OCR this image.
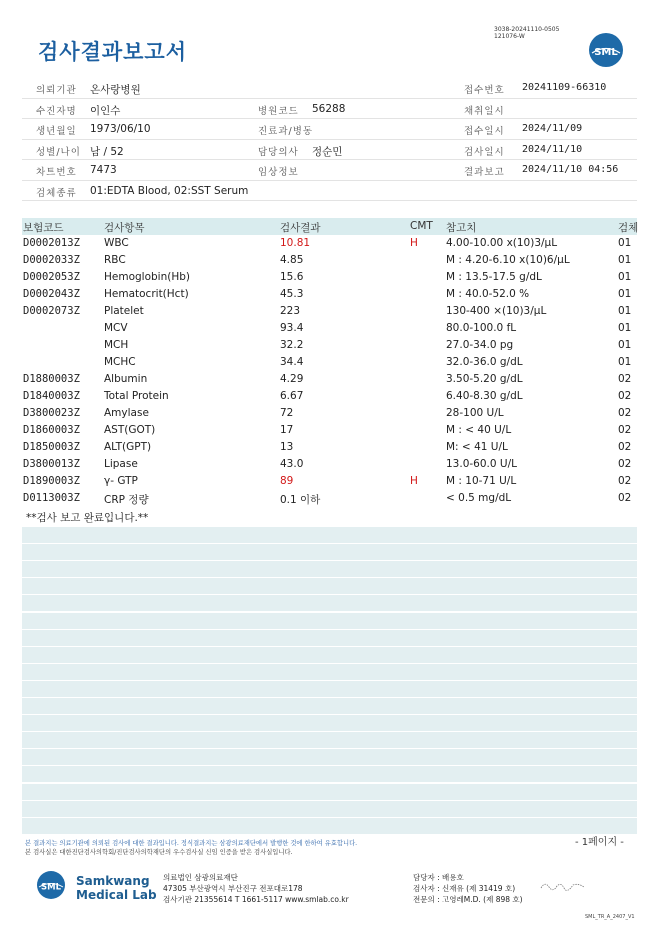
검사결과보고서
3038-20241110-0505
121076-W
SML
의뢰기관 온사랑병원	접수번호 20241109-66310
수진자명 이인수	병원코드 56288	채취일시
생년월일 1973/06/10	진료과/병동	접수일시 2024/11/09
성별/나이 남 / 52	담당의사 정순민	검사일시 2024/11/10
차트번호 7473	임상정보	결과보고 2024/11/10 04:56
검체종류 01:EDTA Blood, 02:SST Serum
보험코드	검사항목	검사결과	CMT 참고치	검체
D0002013Z WBC	10.81	H	4.00-10.00 x(10)3/μL	01
D0002033Z RBC	4.85	M : 4.20-6.10 x(10)6/μL	01
D0002053Z Hemoglobin(Hb)	15.6	M : 13.5-17.5 g/dL	01
D0002043Z Hematocrit(Hct)	45.3	M : 40.0-52.0 %	01
D0002073Z Platelet	223	130-400 ×(10)3/μL	01
MCV	93.4	80.0-100.0 fL	01
MCH	32.2	27.0-34.0 pg	01
MCHC	34.4	32.0-36.0 g/dL	01
D1880003Z Albumin	4.29	3.50-5.20 g/dL	02
D1840003Z Total Protein	6.67	6.40-8.30 g/dL	02
D3800023Z Amylase	72	28-100 U/L	02
D1860003Z AST(GOT)	17	M : < 40 U/L	02
D1850003Z ALT(GPT)	13	M: < 41 U/L	02
D3800013Z Lipase	43.0	13.0-60.0 U/L	02
D1890003Z γ- GTP	89	H	M : 10-71 U/L	02
D0113003Z CRP 정량	0.1 이하	< 0.5 mg/dL	02
**검사 보고 완료입니다.**
- 1페이지 -
본 결과지는 의료기관에 의뢰된 검사에 대한 결과입니다. 정식결과지는 삼광의료재단에서 발행한 것에 한하여 유효합니다.
본 검사실은 대한진단검사의학회/진단검사의학재단의 우수검사실 신임 인증을 받은 검사실입니다.
SML Samkwang
Medical Lab
의료법인 삼광의료재단
47305 부산광역시 부산진구 전포대로178
검사기관 21355614 T 1661-5117 www.smlab.co.kr
담당자 : 배용호
검사자 : 신재유 (제 31419 호)
전문의 : 고영레M.D. (제 898 호)
SML_TR_A_2407_V1
